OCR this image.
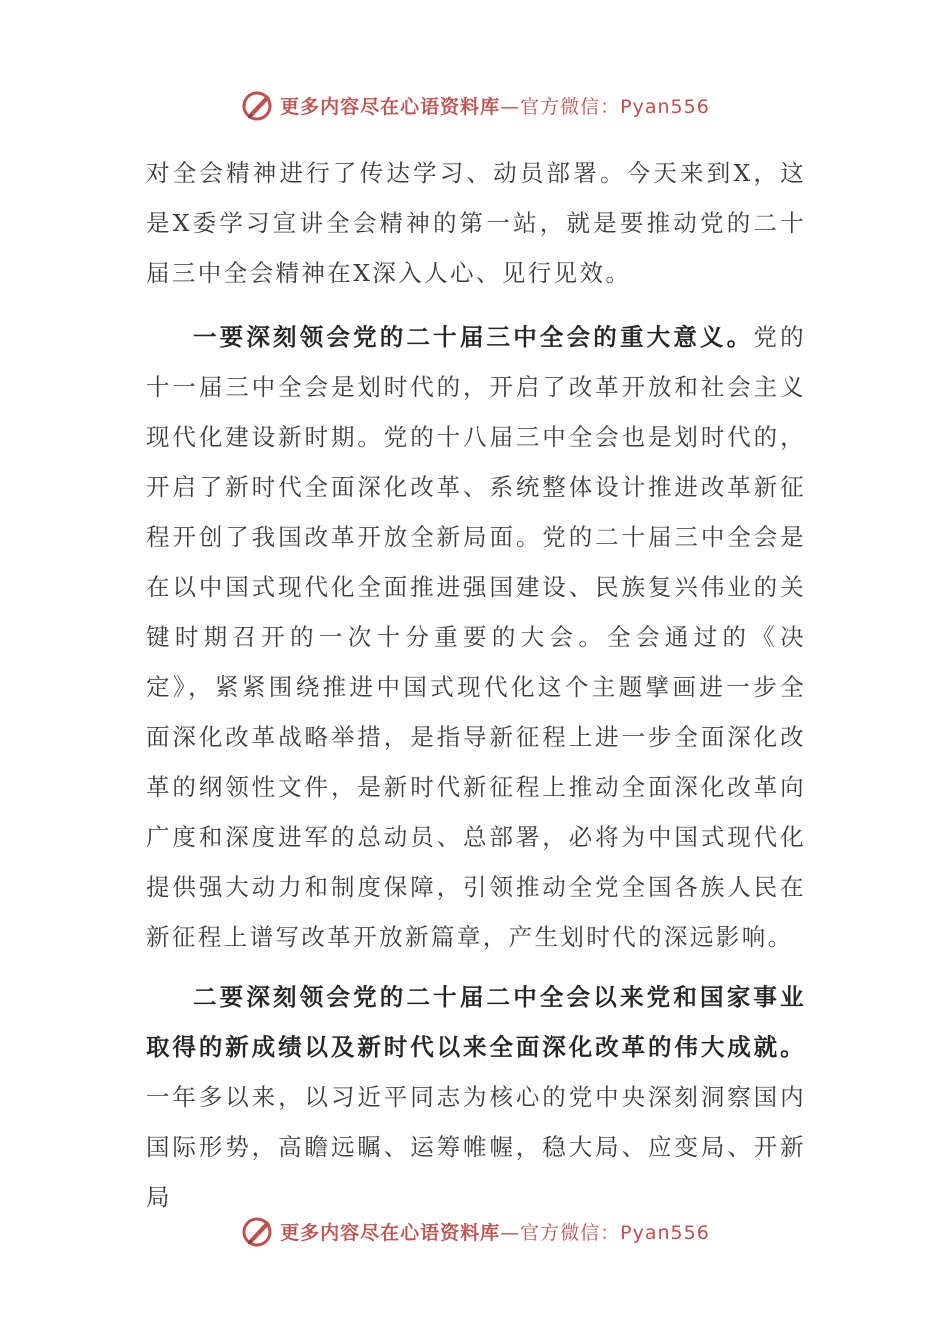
更多内容尽在心语资料库—官方微信：Pyan556

对全会精神进行了传达学习、动员部署。今天来到X，这是X委学习宣讲全会精神的第一站，就是要推动党的二十届三中全会精神在X深入人心、见行见效。

一要深刻领会党的二十届三中全会的重大意义。党的十一届三中全会是划时代的，开启了改革开放和社会主义现代化建设新时期。党的十八届三中全会也是划时代的，开启了新时代全面深化改革、系统整体设计推进改革新征程开创了我国改革开放全新局面。党的二十届三中全会是在以中国式现代化全面推进强国建设、民族复兴伟业的关键时期召开的一次十分重要的大会。全会通过的《决定》，紧紧围绕推进中国式现代化这个主题擘画进一步全面深化改革战略举措，是指导新征程上进一步全面深化改革的纲领性文件，是新时代新征程上推动全面深化改革向广度和深度进军的总动员、总部署，必将为中国式现代化提供强大动力和制度保障，引领推动全党全国各族人民在新征程上谱写改革开放新篇章，产生划时代的深远影响。

二要深刻领会党的二十届二中全会以来党和国家事业取得的新成绩以及新时代以来全面深化改革的伟大成就。一年多以来，以习近平同志为核心的党中央深刻洞察国内国际形势，高瞻远瞩、运筹帷幄，稳大局、应变局、开新局

更多内容尽在心语资料库—官方微信：Pyan556
